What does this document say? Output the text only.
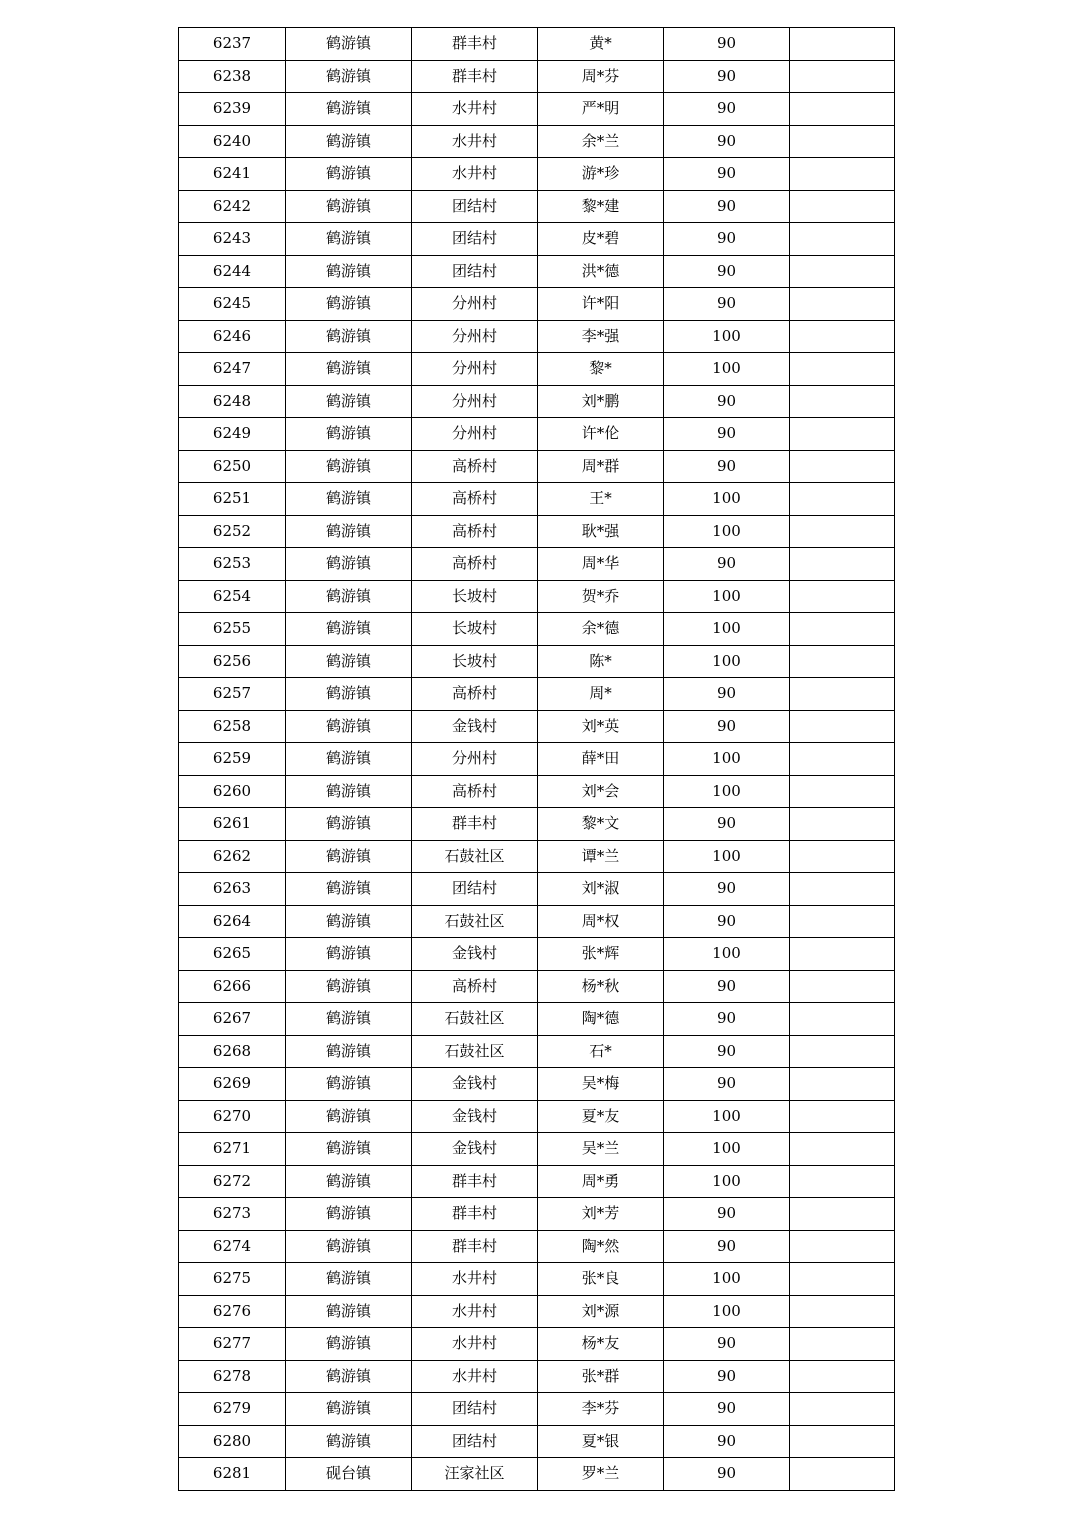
6237	鹤游镇	群丰村	黄*	90	
6238	鹤游镇	群丰村	周*芬	90	
6239	鹤游镇	水井村	严*明	90	
6240	鹤游镇	水井村	余*兰	90	
6241	鹤游镇	水井村	游*珍	90	
6242	鹤游镇	团结村	黎*建	90	
6243	鹤游镇	团结村	皮*碧	90	
6244	鹤游镇	团结村	洪*德	90	
6245	鹤游镇	分州村	许*阳	90	
6246	鹤游镇	分州村	李*强	100	
6247	鹤游镇	分州村	黎*	100	
6248	鹤游镇	分州村	刘*鹏	90	
6249	鹤游镇	分州村	许*伦	90	
6250	鹤游镇	高桥村	周*群	90	
6251	鹤游镇	高桥村	王*	100	
6252	鹤游镇	高桥村	耿*强	100	
6253	鹤游镇	高桥村	周*华	90	
6254	鹤游镇	长坡村	贺*乔	100	
6255	鹤游镇	长坡村	余*德	100	
6256	鹤游镇	长坡村	陈*	100	
6257	鹤游镇	高桥村	周*	90	
6258	鹤游镇	金钱村	刘*英	90	
6259	鹤游镇	分州村	薛*田	100	
6260	鹤游镇	高桥村	刘*会	100	
6261	鹤游镇	群丰村	黎*文	90	
6262	鹤游镇	石鼓社区	谭*兰	100	
6263	鹤游镇	团结村	刘*淑	90	
6264	鹤游镇	石鼓社区	周*权	90	
6265	鹤游镇	金钱村	张*辉	100	
6266	鹤游镇	高桥村	杨*秋	90	
6267	鹤游镇	石鼓社区	陶*德	90	
6268	鹤游镇	石鼓社区	石*	90	
6269	鹤游镇	金钱村	吴*梅	90	
6270	鹤游镇	金钱村	夏*友	100	
6271	鹤游镇	金钱村	吴*兰	100	
6272	鹤游镇	群丰村	周*勇	100	
6273	鹤游镇	群丰村	刘*芳	90	
6274	鹤游镇	群丰村	陶*然	90	
6275	鹤游镇	水井村	张*良	100	
6276	鹤游镇	水井村	刘*源	100	
6277	鹤游镇	水井村	杨*友	90	
6278	鹤游镇	水井村	张*群	90	
6279	鹤游镇	团结村	李*芬	90	
6280	鹤游镇	团结村	夏*银	90	
6281	砚台镇	汪家社区	罗*兰	90	
